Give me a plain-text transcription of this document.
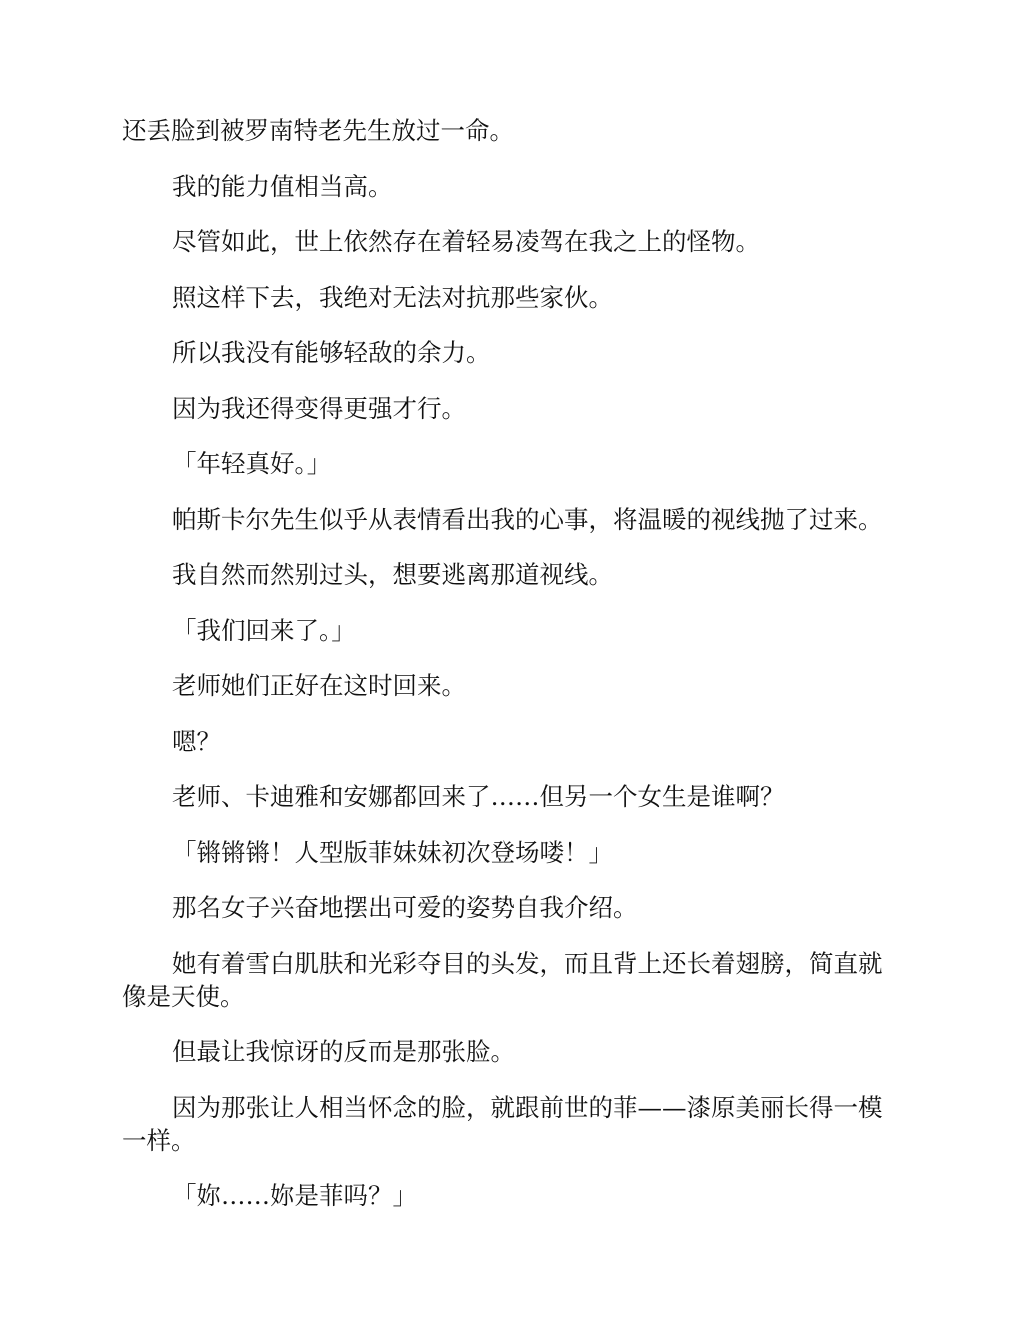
还丢脸到被罗南特老先生放过一命。

我的能力值相当高。

尽管如此，世上依然存在着轻易凌驾在我之上的怪物。

照这样下去，我绝对无法对抗那些家伙。

所以我没有能够轻敌的余力。

因为我还得变得更强才行。

「年轻真好。」

帕斯卡尔先生似乎从表情看出我的心事，将温暖的视线抛了过来。

我自然而然别过头，想要逃离那道视线。

「我们回来了。」

老师她们正好在这时回来。

嗯？

老师、卡迪雅和安娜都回来了……但另一个女生是谁啊？

「锵锵锵！人型版菲妹妹初次登场喽！」

那名女子兴奋地摆出可爱的姿势自我介绍。

她有着雪白肌肤和光彩夺目的头发，而且背上还长着翅膀，简直就像是天使。

但最让我惊讶的反而是那张脸。

因为那张让人相当怀念的脸，就跟前世的菲——漆原美丽长得一模一样。

「妳……妳是菲吗？」
